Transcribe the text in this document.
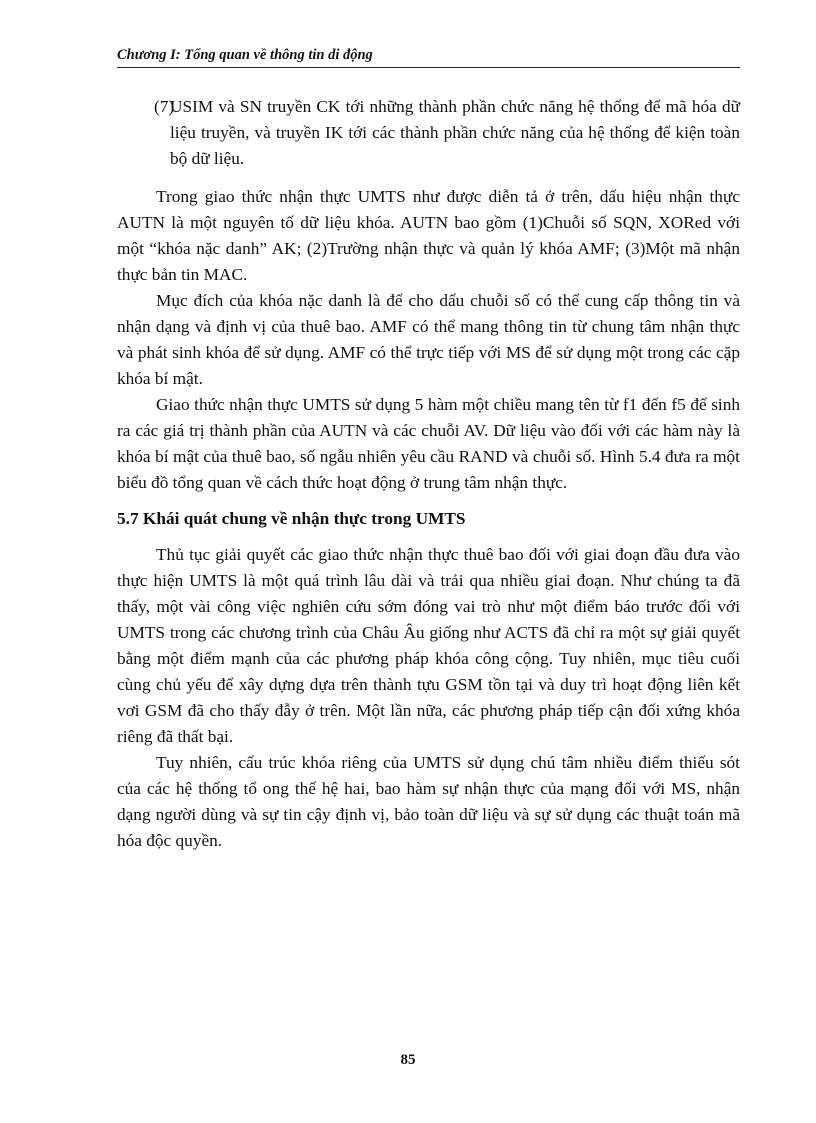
Chương I: Tổng quan về thông tin di động
(7)
USIM và SN truyền CK tới những thành phần chức năng hệ thống để mã hóa dữ liệu truyền, và truyền IK tới các thành phần chức năng của hệ thống để kiện toàn bộ dữ liệu.

Trong giao thức nhận thực UMTS như được diễn tả ở trên, dấu hiệu nhận thực AUTN là một nguyên tố dữ liệu khóa. AUTN bao gồm (1)Chuỗi số SQN, XORed với một “khóa nặc danh” AK; (2)Trường nhận thực và quản lý khóa AMF; (3)Một mã nhận thực bản tin MAC.

Mục đích của khóa nặc danh là để cho dấu chuỗi số có thể cung cấp thông tin và nhận dạng và định vị của thuê bao. AMF có thể mang thông tin từ chung tâm nhận thực và phát sinh khóa để sử dụng. AMF có thể trực tiếp với MS để sử dụng một trong các cặp khóa bí mật.

Giao thức nhận thực UMTS sử dụng 5 hàm một chiều mang tên từ f1 đến f5 để sinh ra các giá trị thành phần của AUTN và các chuỗi AV. Dữ liệu vào đối với các hàm này là khóa bí mật của thuê bao, số ngẫu nhiên yêu cầu RAND và chuỗi số. Hình 5.4 đưa ra một biểu đồ tổng quan về cách thức hoạt động ở trung tâm nhận thực.

5.7 Khái quát chung về nhận thực trong UMTS

Thủ tục giải quyết các giao thức nhận thực thuê bao đối với giai đoạn đầu đưa vào thực hiện UMTS là một quá trình lâu dài và trải qua nhiều giai đoạn. Như chúng ta đã thấy, một vài công việc nghiên cứu sớm đóng vai trò như một điểm báo trước đối với UMTS trong các chương trình của Châu Âu giống như ACTS đã chỉ ra một sự giải quyết bằng một điểm mạnh của các phương pháp khóa công cộng. Tuy nhiên, mục tiêu cuối cùng chủ yếu để xây dựng dựa trên thành tựu GSM tồn tại và duy trì hoạt động liên kết vơi GSM đã cho thấy đẫy ở trên. Một lần nữa, các phương pháp tiếp cận đối xứng khóa riêng đã thất bại.

Tuy nhiên, cấu trúc khóa riêng của UMTS sử dụng chú tâm nhiều điểm thiếu sót của các hệ thống tổ ong thế hệ hai, bao hàm sự nhận thực của mạng đối với MS, nhận dạng người dùng và sự tin cậy định vị, bảo toàn dữ liệu và sự sử dụng các thuật toán mã hóa độc quyền.

85
